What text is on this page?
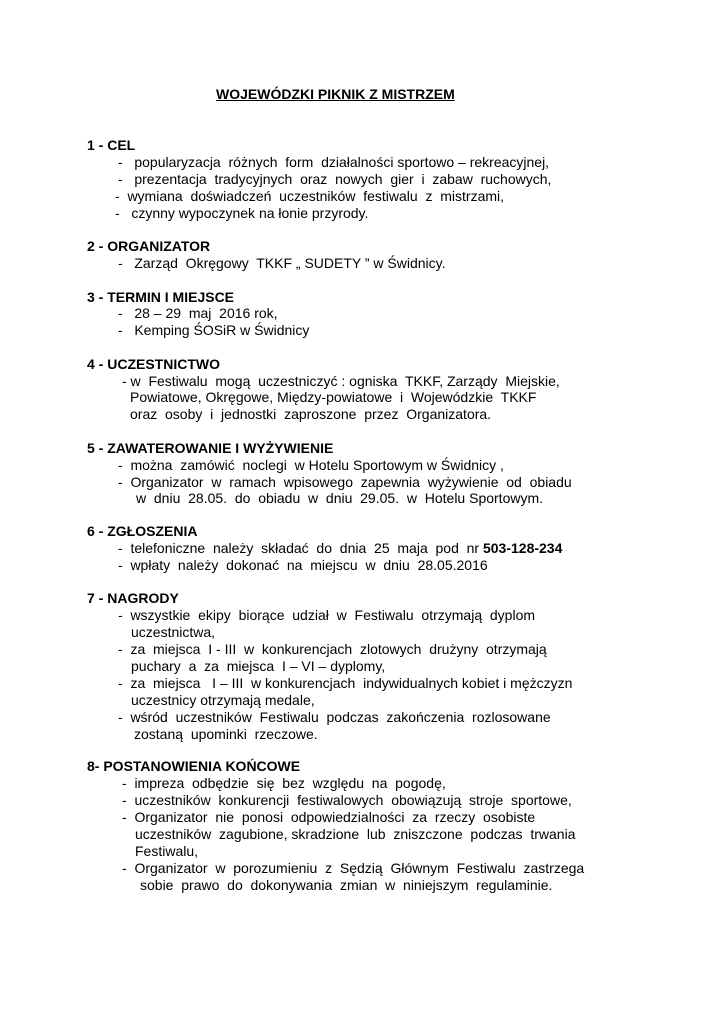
WOJEWÓDZKI PIKNIK Z MISTRZEM
1 - CEL
-   popularyzacja  różnych  form  działalności sportowo – rekreacyjnej,
-   prezentacja  tradycyjnych  oraz  nowych  gier  i  zabaw  ruchowych,
-  wymiana  doświadczeń  uczestników  festiwalu  z  mistrzami,
-   czynny wypoczynek na łonie przyrody.
2 - ORGANIZATOR
-   Zarząd  Okręgowy  TKKF „ SUDETY ” w Świdnicy.
3 - TERMIN I MIEJSCE
-   28 – 29  maj  2016 rok,
-   Kemping ŚOSiR w Świdnicy
4 - UCZESTNICTWO
- w  Festiwalu  mogą  uczestniczyć : ogniska  TKKF, Zarządy  Miejskie,
Powiatowe, Okręgowe, Między-powiatowe  i  Wojewódzkie  TKKF
oraz  osoby  i  jednostki  zaproszone  przez  Organizatora.
5 - ZAWATEROWANIE I WYŻYWIENIE
-  można  zamówić  noclegi  w Hotelu Sportowym w Świdnicy ,
-  Organizator  w  ramach  wpisowego  zapewnia  wyżywienie  od  obiadu
w  dniu  28.05.  do  obiadu  w  dniu  29.05.  w  Hotelu Sportowym.
6 - ZGŁOSZENIA
-  telefoniczne  należy  składać  do  dnia  25  maja  pod  nr 503-128-234
-  wpłaty  należy  dokonać  na  miejscu  w  dniu  28.05.2016
7 - NAGRODY
-  wszystkie  ekipy  biorące  udział  w  Festiwalu  otrzymają  dyplom
uczestnictwa,
-  za  miejsca  I - III  w  konkurencjach  zlotowych  drużyny  otrzymają
puchary  a  za  miejsca  I – VI – dyplomy,
-  za  miejsca   I – III  w konkurencjach  indywidualnych kobiet i mężczyzn
uczestnicy otrzymają medale,
-  wśród  uczestników  Festiwalu  podczas  zakończenia  rozlosowane
zostaną  upominki  rzeczowe.
8- POSTANOWIENIA KOŃCOWE
-  impreza  odbędzie  się  bez  względu  na  pogodę,
-  uczestników  konkurencji  festiwalowych  obowiązują  stroje  sportowe,
-  Organizator  nie  ponosi  odpowiedzialności  za  rzeczy  osobiste
uczestników  zagubione, skradzione  lub  zniszczone  podczas  trwania
Festiwalu,
-  Organizator  w  porozumieniu  z  Sędzią  Głównym  Festiwalu  zastrzega
sobie  prawo  do  dokonywania  zmian  w  niniejszym  regulaminie.
